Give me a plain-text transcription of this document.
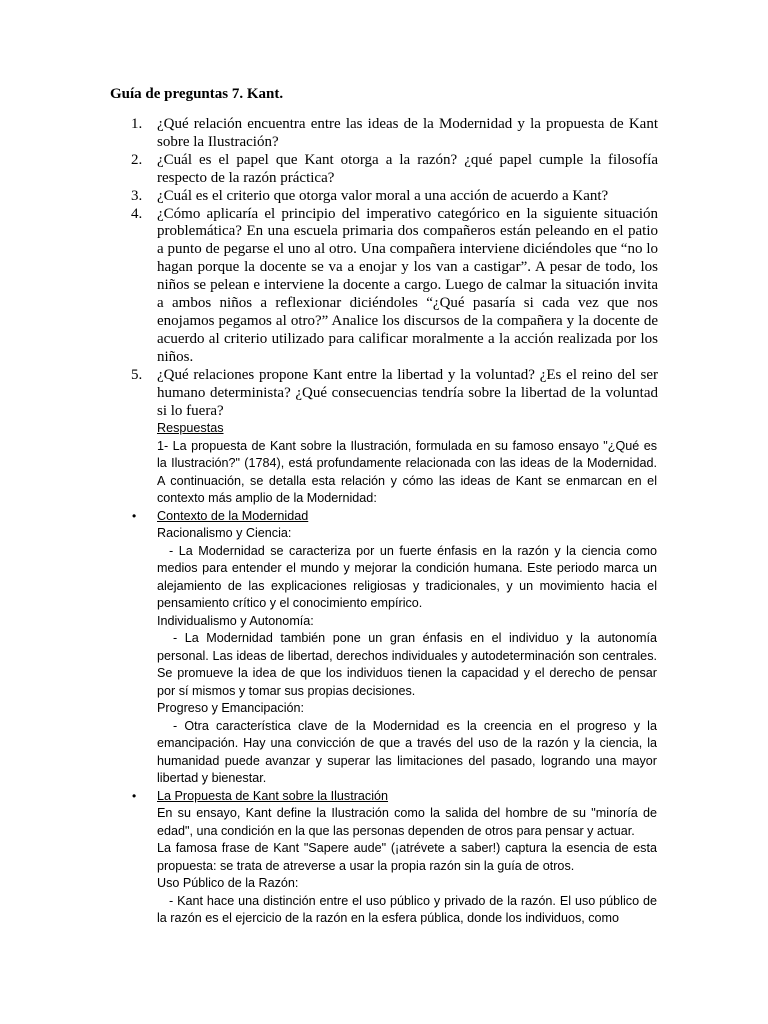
Guía de preguntas 7. Kant.
1. ¿Qué relación encuentra entre las ideas de la Modernidad y la propuesta de Kant sobre la Ilustración?
2. ¿Cuál es el papel que Kant otorga a la razón? ¿qué papel cumple la filosofía respecto de la razón práctica?
3. ¿Cuál es el criterio que otorga valor moral a una acción de acuerdo a Kant?
4. ¿Cómo aplicaría el principio del imperativo categórico en la siguiente situación problemática? En una escuela primaria dos compañeros están peleando en el patio a punto de pegarse el uno al otro. Una compañera interviene diciéndoles que “no lo hagan porque la docente se va a enojar y los van a castigar”. A pesar de todo, los niños se pelean e interviene la docente a cargo. Luego de calmar la situación invita a ambos niños a reflexionar diciéndoles “¿Qué pasaría si cada vez que nos enojamos pegamos al otro?” Analice los discursos de la compañera y la docente de acuerdo al criterio utilizado para calificar moralmente a la acción realizada por los niños.
5. ¿Qué relaciones propone Kant entre la libertad y la voluntad? ¿Es el reino del ser humano determinista? ¿Qué consecuencias tendría sobre la libertad de la voluntad si lo fuera?

Respuestas

1- La propuesta de Kant sobre la Ilustración, formulada en su famoso ensayo "¿Qué es la Ilustración?" (1784), está profundamente relacionada con las ideas de la Modernidad. A continuación, se detalla esta relación y cómo las ideas de Kant se enmarcan en el contexto más amplio de la Modernidad:

• Contexto de la Modernidad

Racionalismo y Ciencia:

- La Modernidad se caracteriza por un fuerte énfasis en la razón y la ciencia como medios para entender el mundo y mejorar la condición humana. Este periodo marca un alejamiento de las explicaciones religiosas y tradicionales, y un movimiento hacia el pensamiento crítico y el conocimiento empírico.

Individualismo y Autonomía:

- La Modernidad también pone un gran énfasis en el individuo y la autonomía personal. Las ideas de libertad, derechos individuales y autodeterminación son centrales. Se promueve la idea de que los individuos tienen la capacidad y el derecho de pensar por sí mismos y tomar sus propias decisiones.

Progreso y Emancipación:

- Otra característica clave de la Modernidad es la creencia en el progreso y la emancipación. Hay una convicción de que a través del uso de la razón y la ciencia, la humanidad puede avanzar y superar las limitaciones del pasado, logrando una mayor libertad y bienestar.

• La Propuesta de Kant sobre la Ilustración

En su ensayo, Kant define la Ilustración como la salida del hombre de su "minoría de edad", una condición en la que las personas dependen de otros para pensar y actuar.

La famosa frase de Kant "Sapere aude" (¡atrévete a saber!) captura la esencia de esta propuesta: se trata de atreverse a usar la propia razón sin la guía de otros.

Uso Público de la Razón:

- Kant hace una distinción entre el uso público y privado de la razón. El uso público de la razón es el ejercicio de la razón en la esfera pública, donde los individuos, como
